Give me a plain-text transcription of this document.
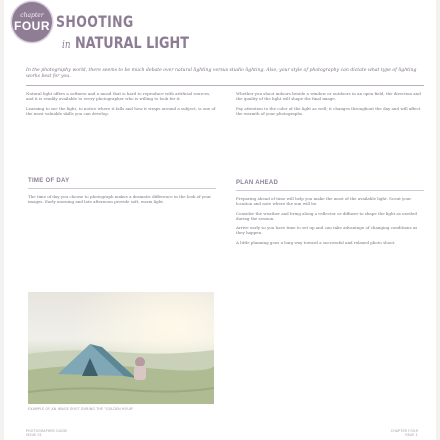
chapter
FOUR SHOOTING
in NATURAL LIGHT

In the photography world, there seems to be much debate over natural lighting versus studio lighting. Also, your style of photography can dictate what type of lighting works best for you.

Natural light offers a softness and a mood that is hard to reproduce with artificial sources, and it is readily available to every photographer who is willing to look for it.

Learning to see the light, to notice where it falls and how it wraps around a subject, is one of the most valuable skills you can develop.

Whether you shoot indoors beside a window or outdoors in an open field, the direction and the quality of the light will shape the final image.

Pay attention to the color of the light as well; it changes throughout the day and will affect the warmth of your photographs.

TIME OF DAY	PLAN AHEAD

The time of day you choose to photograph makes a dramatic difference in the look of your images. Early morning and late afternoon provide soft, warm light.

Preparing ahead of time will help you make the most of the available light. Scout your location and note where the sun will be.

Consider the weather and bring along a reflector or diffuser to shape the light as needed during the session.

Arrive early so you have time to set up and can take advantage of changing conditions as they happen.

A little planning goes a long way toward a successful and relaxed photo shoot.

EXAMPLE OF AN IMAGE SHOT DURING THE "GOLDEN HOUR"

PHOTOGRAPHER GUIDE
ISSUE 01
CHAPTER FOUR
PAGE 1
